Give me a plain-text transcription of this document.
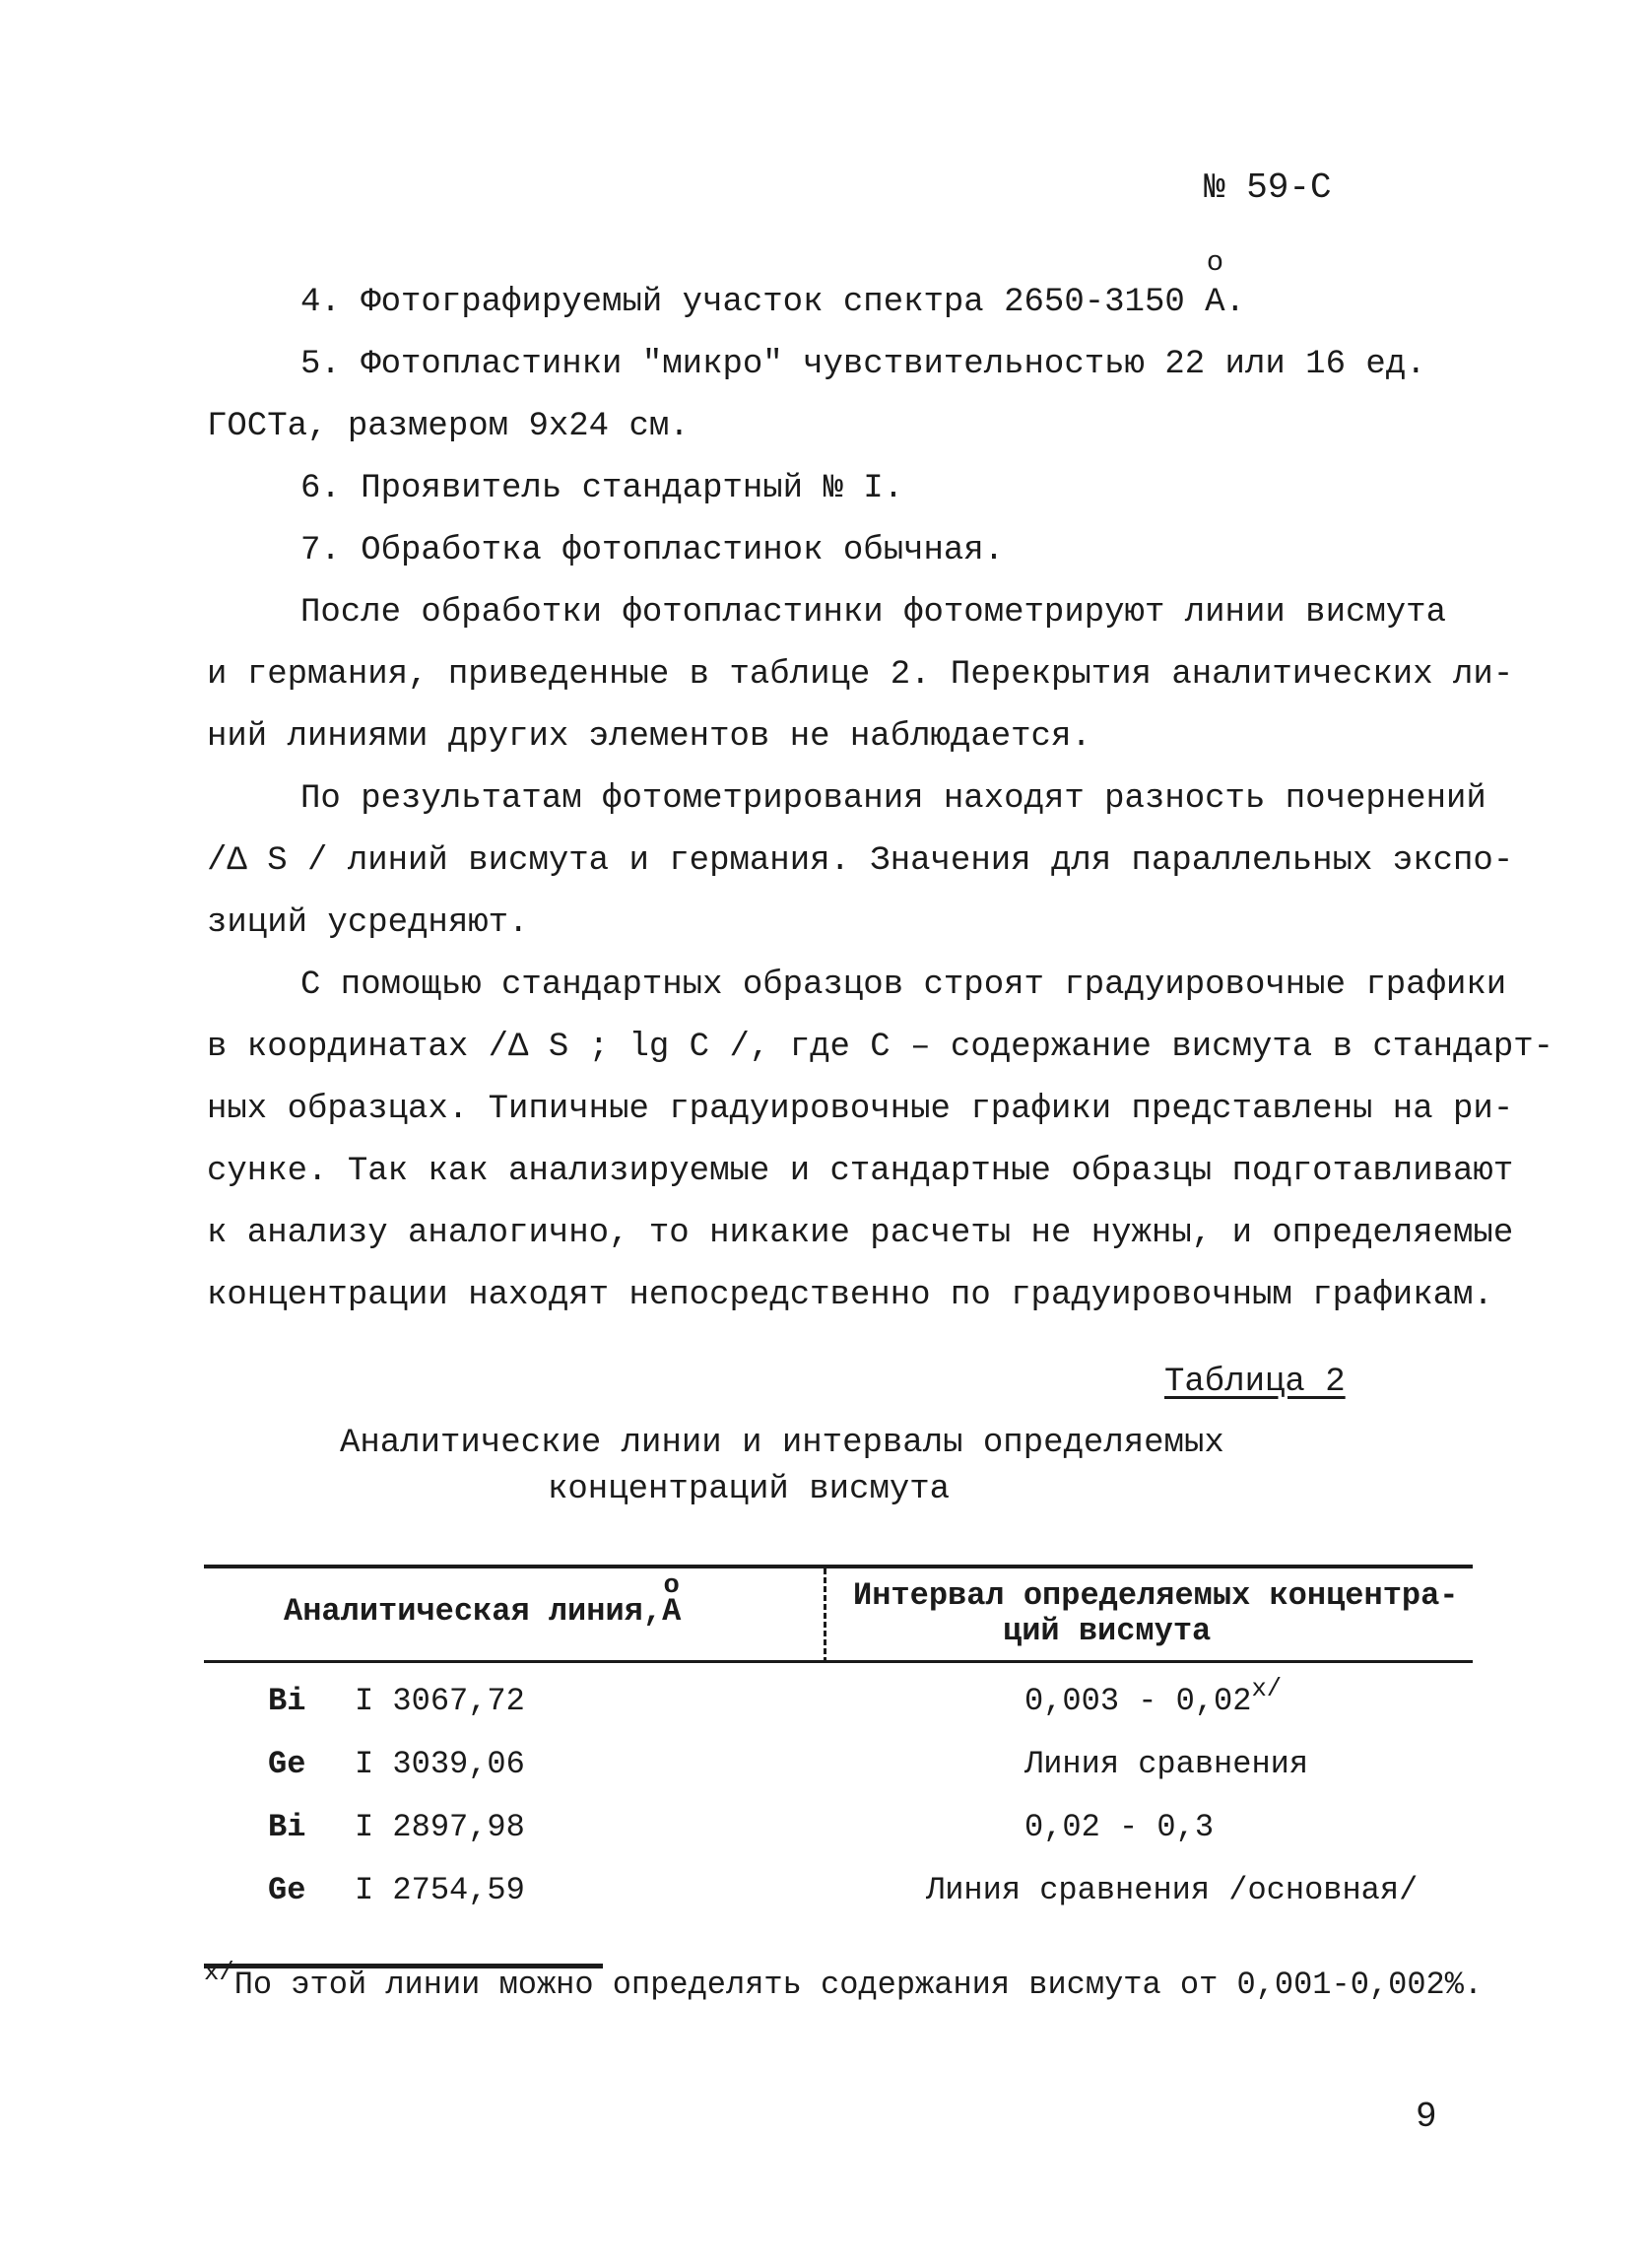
№ 59-С
4. Фотографируемый участок спектра 2650-3150
о
А.
5. Фотопластинки "микро" чувствительностью 22 или 16 ед.
ГОСТа, размером 9х24 см.
6. Проявитель стандартный № I.
7. Обработка фотопластинок обычная.
После обработки фотопластинки фотометрируют линии висмута
и германия, приведенные в таблице 2. Перекрытия аналитических ли-
ний линиями других элементов не наблюдается.
По результатам фотометрирования находят разность почернений
/Δ S / линий висмута и германия. Значения для параллельных экспо-
зиций усредняют.
С помощью стандартных образцов строят градуировочные графики
в координатах /Δ S ; lg C /, где С – содержание висмута в стандарт-
ных образцах. Типичные градуировочные графики представлены на ри-
сунке. Так как анализируемые и стандартные образцы подготавливают
к анализу аналогично, то никакие расчеты не нужны, и определяемые
концентрации находят непосредственно по градуировочным графикам.
Таблица 2
Аналитические линии и интервалы определяемых
концентраций висмута
Аналитическая линия,
о
А	Интервал определяемых концентра-
ций висмута
Bi I 3067,72	$0,003 - 0,02^{x/}$
Ge I 3039,06	Линия сравнения
Bi I 2897,98	0,02 - 0,3
Ge I 2754,59	Линия сравнения /основная/
$^{x/}$По этой линии можно определять содержания висмута от 0,001-0,002%.
9
